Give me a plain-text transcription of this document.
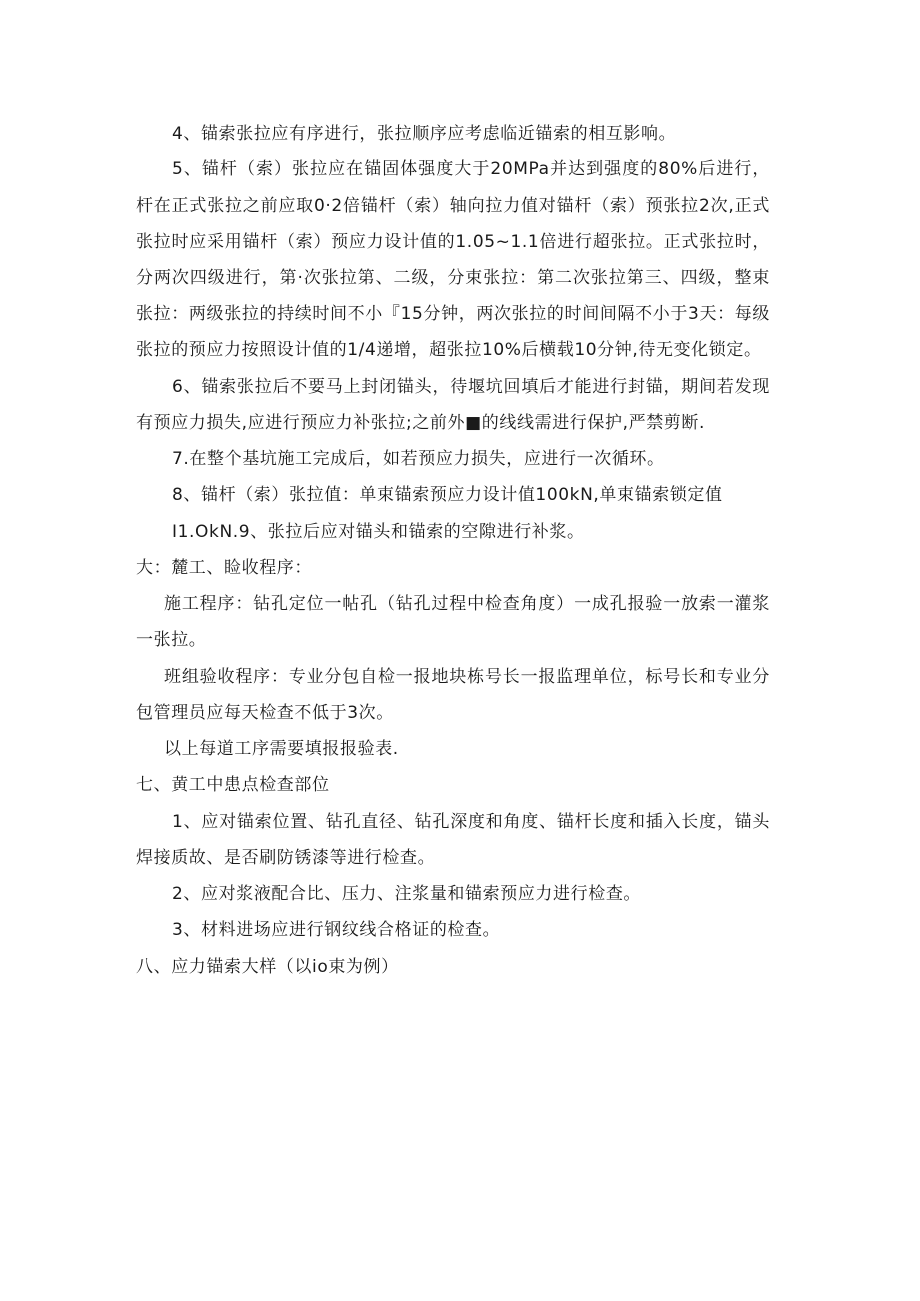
4、锚索张拉应有序进行，张拉顺序应考虑临近锚索的相互影响。
5、锚杆（索）张拉应在锚固体强度大于20MPa并达到强度的80%后进行，
杆在正式张拉之前应取0·2倍锚杆（索）轴向拉力值对锚杆（索）预张拉2次,正式
张拉时应采用锚杆（索）预应力设计值的1.05~1.1倍进行超张拉。正式张拉时，
分两次四级进行，第·次张拉第、二级，分束张拉：第二次张拉第三、四级，整束
张拉：两级张拉的持续时间不小『15分钟，两次张拉的时间间隔不小于3天：每级
张拉的预应力按照设计值的1/4递增，超张拉10%后横载10分钟,待无变化锁定。
6、锚索张拉后不要马上封闭锚头，待堰坑回填后才能进行封锚，期间若发现
有预应力损失,应进行预应力补张拉;之前外■的线线需进行保护,严禁剪断.
7.在整个基坑施工完成后，如若预应力损失，应进行一次循环。
8、锚杆（索）张拉值：单束锚索预应力设计值100kN,单束锚索锁定值
I1.OkN.9、张拉后应对锚头和锚索的空隙进行补浆。
大：麓工、睑收程序：
施工程序：钻孔定位一帖孔（钻孔过程中检查角度）一成孔报验一放索一灌浆
一张拉。
班组验收程序：专业分包自检一报地块栋号长一报监理单位，标号长和专业分
包管理员应每天检查不低于3次。
以上每道工序需要填报报验表.
七、黄工中患点检查部位
1、应对锚索位置、钻孔直径、钻孔深度和角度、锚杆长度和插入长度，锚头
焊接质故、是否刷防锈漆等进行检查。
2、应对浆液配合比、压力、注浆量和锚索预应力进行检查。
3、材料进场应进行钢纹线合格证的检查。
八、应力锚索大样（以io束为例）
